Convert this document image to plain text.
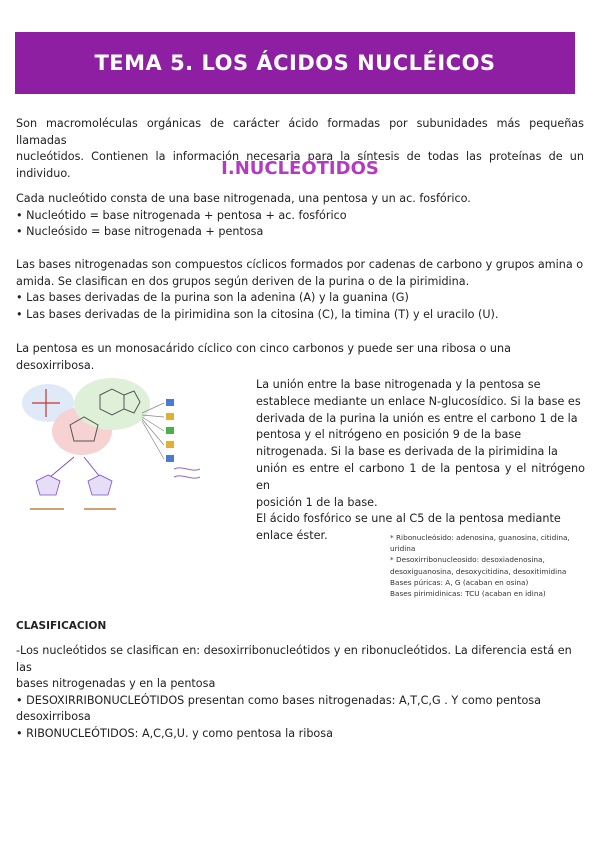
TEMA 5. LOS ÁCIDOS NUCLÉICOS

Son macromoléculas orgánicas de carácter ácido formadas por subunidades más pequeñas llamadas
nucleótidos. Contienen la información necesaria para la síntesis de todas las proteínas de un individuo.	I.NUCLEÓTIDOS

Cada nucleótido consta de una base nitrogenada, una pentosa y un ac. fosfórico.
• Nucleótido = base nitrogenada + pentosa + ac. fosfórico
• Nucleósido = base nitrogenada + pentosa

Las bases nitrogenadas son compuestos cíclicos formados por cadenas de carbono y grupos amina o
amida. Se clasifican en dos grupos según deriven de la purina o de la pirimidina.
• Las bases derivadas de la purina son la adenina (A) y la guanina (G)
• Las bases derivadas de la pirimidina son la citosina (C), la timina (T) y el uracilo (U).

La pentosa es un monosacárido cíclico con cinco carbonos y puede ser una ribosa o una desoxirribosa.

La unión entre la base nitrogenada y la pentosa se
establece mediante un enlace N-glucosídico. Si la base es
derivada de la purina la unión es entre el carbono 1 de la
pentosa y el nitrógeno en posición 9 de la base
nitrogenada. Si la base es derivada de la pirimidina la
unión es entre el carbono 1 de la pentosa y el nitrógeno en
posición 1 de la base.
El ácido fosfórico se une al C5 de la pentosa mediante
enlace éster.	* Ribonucleósido: adenosina, guanosina, citidina,
uridina
* Desoxirribonucleosido: desoxiadenosina,
desoxiguanosina, desoxycitidina, desoxitimidina
Bases púricas: A, G (acaban en osina)
Bases pirimidinicas: TCU (acaban en idina)

CLASIFICACION

-Los nucleótidos se clasifican en: desoxirribonucleótidos y en ribonucleótidos. La diferencia está en las
bases nitrogenadas y en la pentosa
• DESOXIRRIBONUCLEÓTIDOS presentan como bases nitrogenadas: A,T,C,G . Y como pentosa
desoxirribosa
• RIBONUCLEÓTIDOS: A,C,G,U. y como pentosa la ribosa
